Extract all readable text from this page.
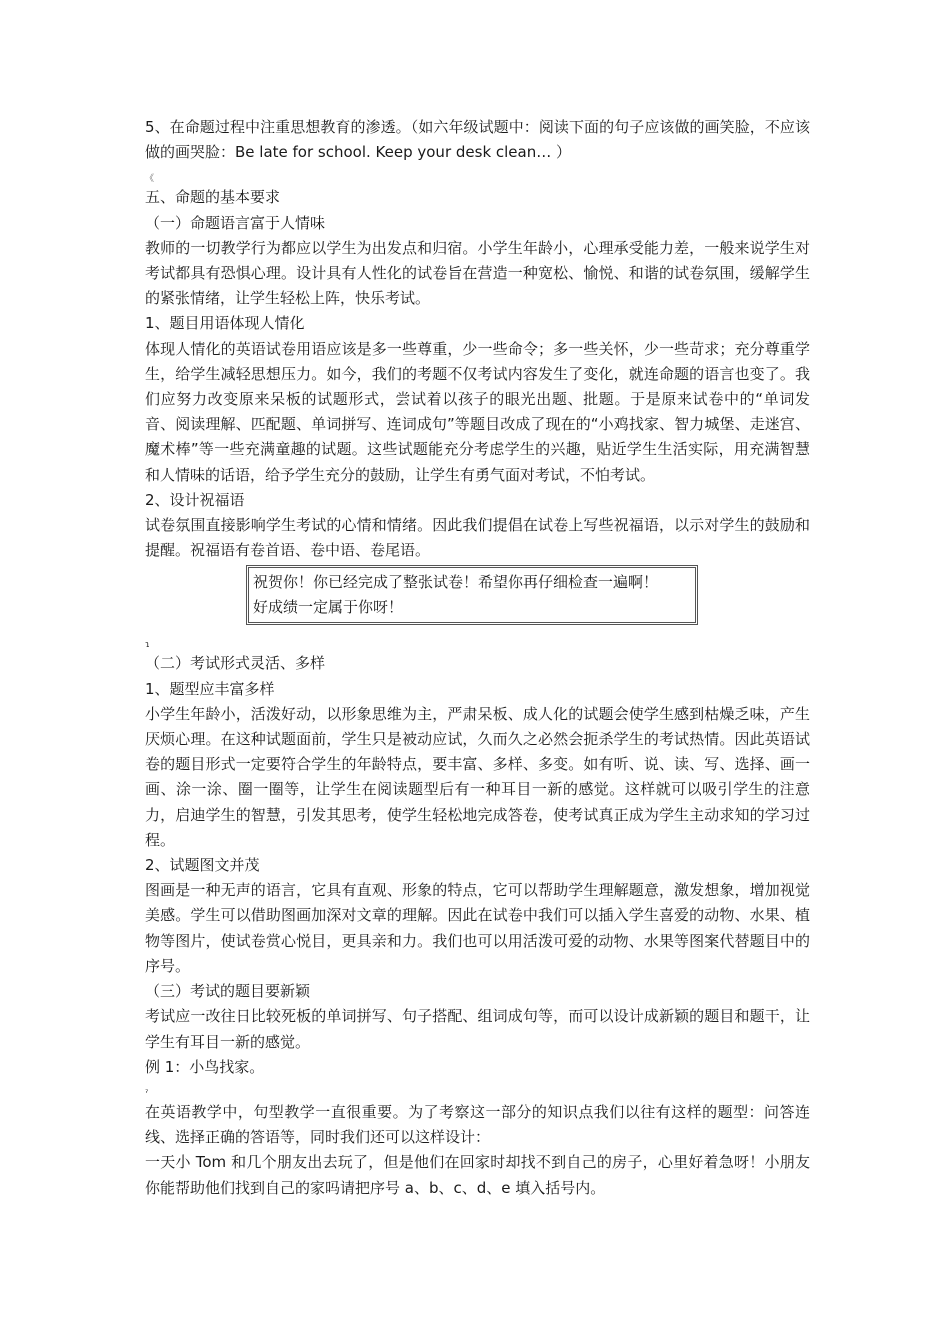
5、在命题过程中注重思想教育的渗透。（如六年级试题中：阅读下面的句子应该做的画笑脸，不应该做的画哭脸：Be late for school. Keep your desk clean… ）

《

五、命题的基本要求

（一）命题语言富于人情味

教师的一切教学行为都应以学生为出发点和归宿。小学生年龄小，心理承受能力差，一般来说学生对考试都具有恐惧心理。设计具有人性化的试卷旨在营造一种宽松、愉悦、和谐的试卷氛围，缓解学生的紧张情绪，让学生轻松上阵，快乐考试。

1、题目用语体现人情化

体现人情化的英语试卷用语应该是多一些尊重，少一些命令；多一些关怀，少一些苛求；充分尊重学生，给学生减轻思想压力。如今，我们的考题不仅考试内容发生了变化，就连命题的语言也变了。我们应努力改变原来呆板的试题形式，尝试着以孩子的眼光出题、批题。于是原来试卷中的“单词发音、阅读理解、匹配题、单词拼写、连词成句”等题目改成了现在的“小鸡找家、智力城堡、走迷宫、魔术棒”等一些充满童趣的试题。这些试题能充分考虑学生的兴趣，贴近学生生活实际，用充满智慧和人情味的话语，给予学生充分的鼓励，让学生有勇气面对考试，不怕考试。

2、设计祝福语

试卷氛围直接影响学生考试的心情和情绪。因此我们提倡在试卷上写些祝福语，以示对学生的鼓励和提醒。祝福语有卷首语、卷中语、卷尾语。

祝贺你！你已经完成了整张试卷！希望你再仔细检查一遍啊！
好成绩一定属于你呀！
ɿ

（二）考试形式灵活、多样

1、题型应丰富多样

小学生年龄小，活泼好动，以形象思维为主，严肃呆板、成人化的试题会使学生感到枯燥乏味，产生厌烦心理。在这种试题面前，学生只是被动应试，久而久之必然会扼杀学生的考试热情。因此英语试卷的题目形式一定要符合学生的年龄特点，要丰富、多样、多变。如有听、说、读、写、选择、画一画、涂一涂、圈一圈等，让学生在阅读题型后有一种耳目一新的感觉。这样就可以吸引学生的注意力，启迪学生的智慧，引发其思考，使学生轻松地完成答卷，使考试真正成为学生主动求知的学习过程。

2、试题图文并茂

图画是一种无声的语言，它具有直观、形象的特点，它可以帮助学生理解题意，激发想象，增加视觉美感。学生可以借助图画加深对文章的理解。因此在试卷中我们可以插入学生喜爱的动物、水果、植物等图片，使试卷赏心悦目，更具亲和力。我们也可以用活泼可爱的动物、水果等图案代替题目中的序号。

（三）考试的题目要新颖

考试应一改往日比较死板的单词拼写、句子搭配、组词成句等，而可以设计成新颖的题目和题干，让学生有耳目一新的感觉。

例 1：小鸟找家。

ˀ

在英语教学中，句型教学一直很重要。为了考察这一部分的知识点我们以往有这样的题型：问答连线、选择正确的答语等，同时我们还可以这样设计：

一天小 Tom 和几个朋友出去玩了，但是他们在回家时却找不到自己的房子，心里好着急呀！小朋友你能帮助他们找到自己的家吗请把序号 a、b、c、d、e 填入括号内。
